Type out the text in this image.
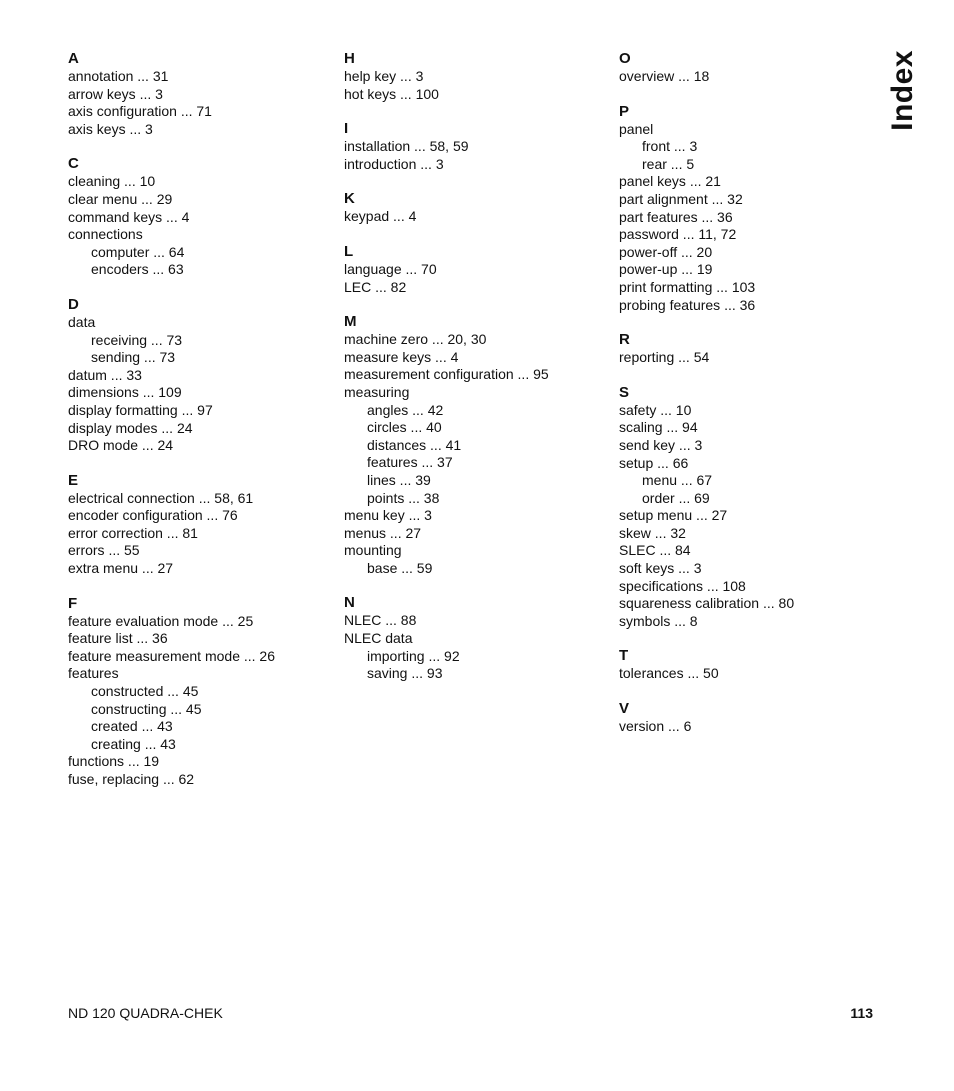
Index
A
annotation ... 31
arrow keys ... 3
axis configuration ... 71
axis keys ... 3
C
cleaning ... 10
clear menu ... 29
command keys ... 4
connections
computer ... 64
encoders ... 63
D
data
receiving ... 73
sending ... 73
datum ... 33
dimensions ... 109
display formatting ... 97
display modes ... 24
DRO mode ... 24
E
electrical connection ... 58, 61
encoder configuration ... 76
error correction ... 81
errors ... 55
extra menu ... 27
F
feature evaluation mode ... 25
feature list ... 36
feature measurement mode ... 26
features
constructed ... 45
constructing ... 45
created ... 43
creating ... 43
functions ... 19
fuse, replacing ... 62
H
help key ... 3
hot keys ... 100
I
installation ... 58, 59
introduction ... 3
K
keypad ... 4
L
language ... 70
LEC ... 82
M
machine zero ... 20, 30
measure keys ... 4
measurement configuration ... 95
measuring
angles ... 42
circles ... 40
distances ... 41
features ... 37
lines ... 39
points ... 38
menu key ... 3
menus ... 27
mounting
base ... 59
N
NLEC ... 88
NLEC data
importing ... 92
saving ... 93
O
overview ... 18
P
panel
front ... 3
rear ... 5
panel keys ... 21
part alignment ... 32
part features ... 36
password ... 11, 72
power-off ... 20
power-up ... 19
print formatting ... 103
probing features ... 36
R
reporting ... 54
S
safety ... 10
scaling ... 94
send key ... 3
setup ... 66
menu ... 67
order ... 69
setup menu ... 27
skew ... 32
SLEC ... 84
soft keys ... 3
specifications ... 108
squareness calibration ... 80
symbols ... 8
T
tolerances ... 50
V
version ... 6
ND 120 QUADRA-CHEK	113
